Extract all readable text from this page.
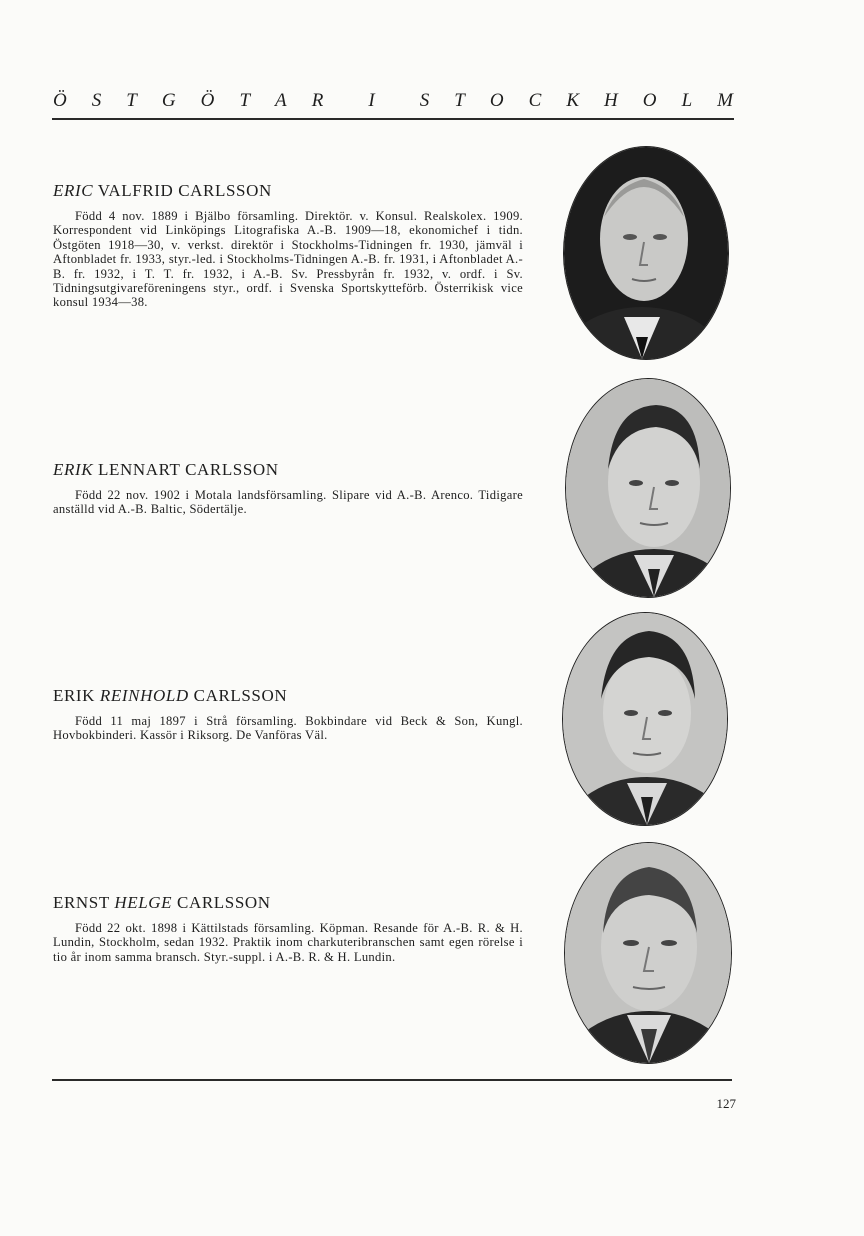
Ö S T G Ö T A R I S T O C K H O L M

ERIC VALFRID CARLSSON

Född 4 nov. 1889 i Bjälbo församling. Direktör. v. Konsul. Realskolex. 1909. Korrespondent vid Linköpings Litografiska A.-B. 1909—18, ekonomichef i tidn. Östgöten 1918—30, v. verkst. direktör i Stockholms-Tidningen fr. 1930, jämväl i Aftonbladet fr. 1933, styr.-led. i Stockholms-Tidningen A.-B. fr. 1931, i Aftonbladet A.-B. fr. 1932, i T. T. fr. 1932, i A.-B. Sv. Pressbyrån fr. 1932, v. ordf. i Sv. Tidningsutgivareföreningens styr., ordf. i Svenska Sportskytteförb. Österrikisk vice konsul 1934—38.

ERIK LENNART CARLSSON

Född 22 nov. 1902 i Motala landsförsamling. Slipare vid A.-B. Arenco. Tidigare anställd vid A.-B. Baltic, Södertälje.

ERIK REINHOLD CARLSSON

Född 11 maj 1897 i Strå församling. Bokbindare vid Beck & Son, Kungl. Hovbokbinderi. Kassör i Riksorg. De Vanföras Väl.

ERNST HELGE CARLSSON

Född 22 okt. 1898 i Kättilstads församling. Köpman. Resande för A.-B. R. & H. Lundin, Stockholm, sedan 1932. Praktik inom charkuteribranschen samt egen rörelse i tio år inom samma bransch. Styr.-suppl. i A.-B. R. & H. Lundin.

127
